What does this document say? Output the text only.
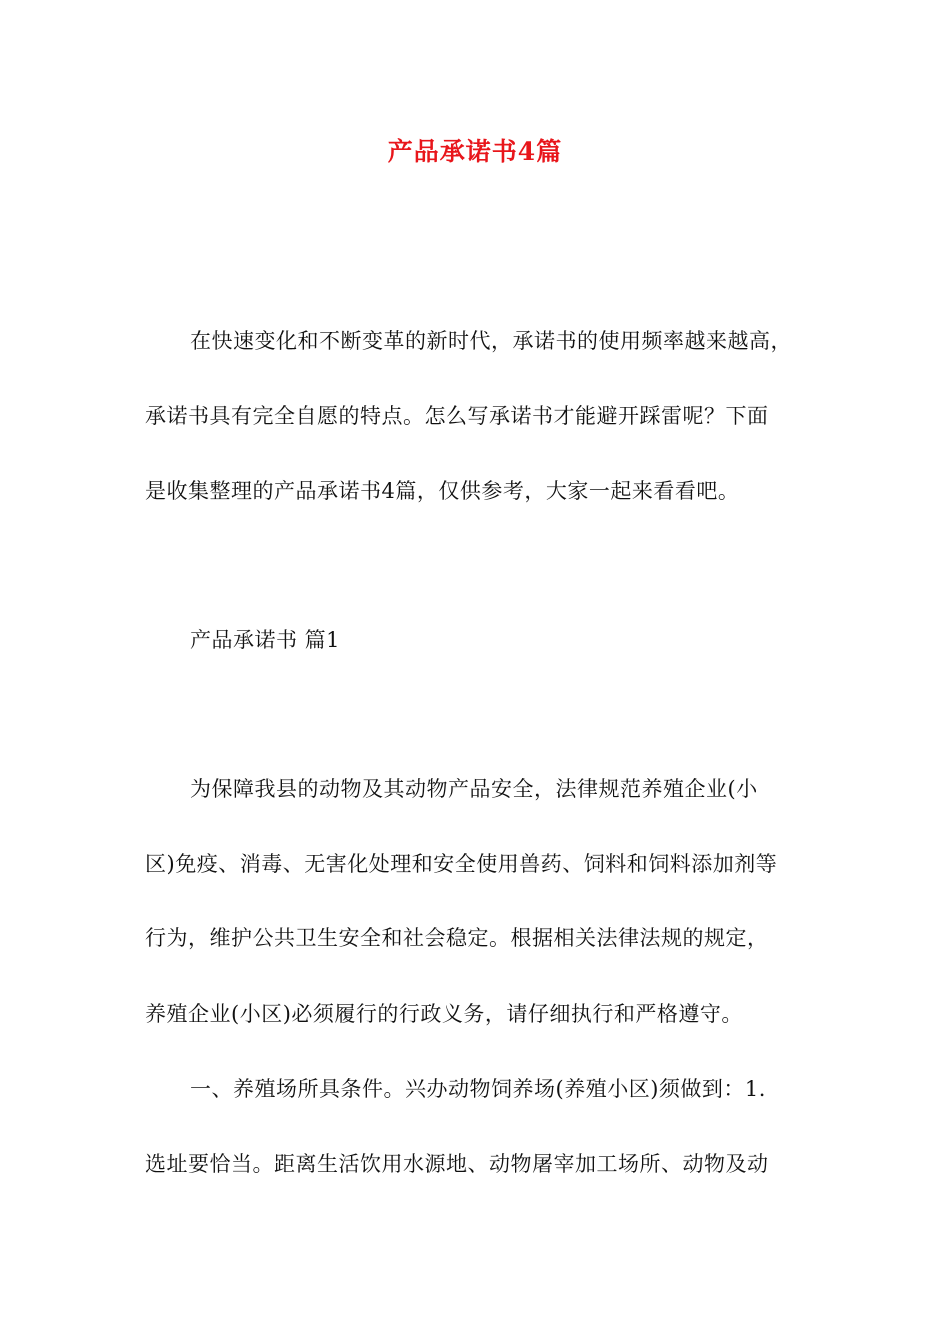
产品承诺书4篇
在快速变化和不断变革的新时代，承诺书的使用频率越来越高，
承诺书具有完全自愿的特点。怎么写承诺书才能避开踩雷呢？下面
是收集整理的产品承诺书4篇，仅供参考，大家一起来看看吧。
产品承诺书 篇1
为保障我县的动物及其动物产品安全，法律规范养殖企业(小
区)免疫、消毒、无害化处理和安全使用兽药、饲料和饲料添加剂等
行为，维护公共卫生安全和社会稳定。根据相关法律法规的规定，
养殖企业(小区)必须履行的行政义务，请仔细执行和严格遵守。
一、养殖场所具条件。兴办动物饲养场(养殖小区)须做到：1.
选址要恰当。距离生活饮用水源地、动物屠宰加工场所、动物及动
